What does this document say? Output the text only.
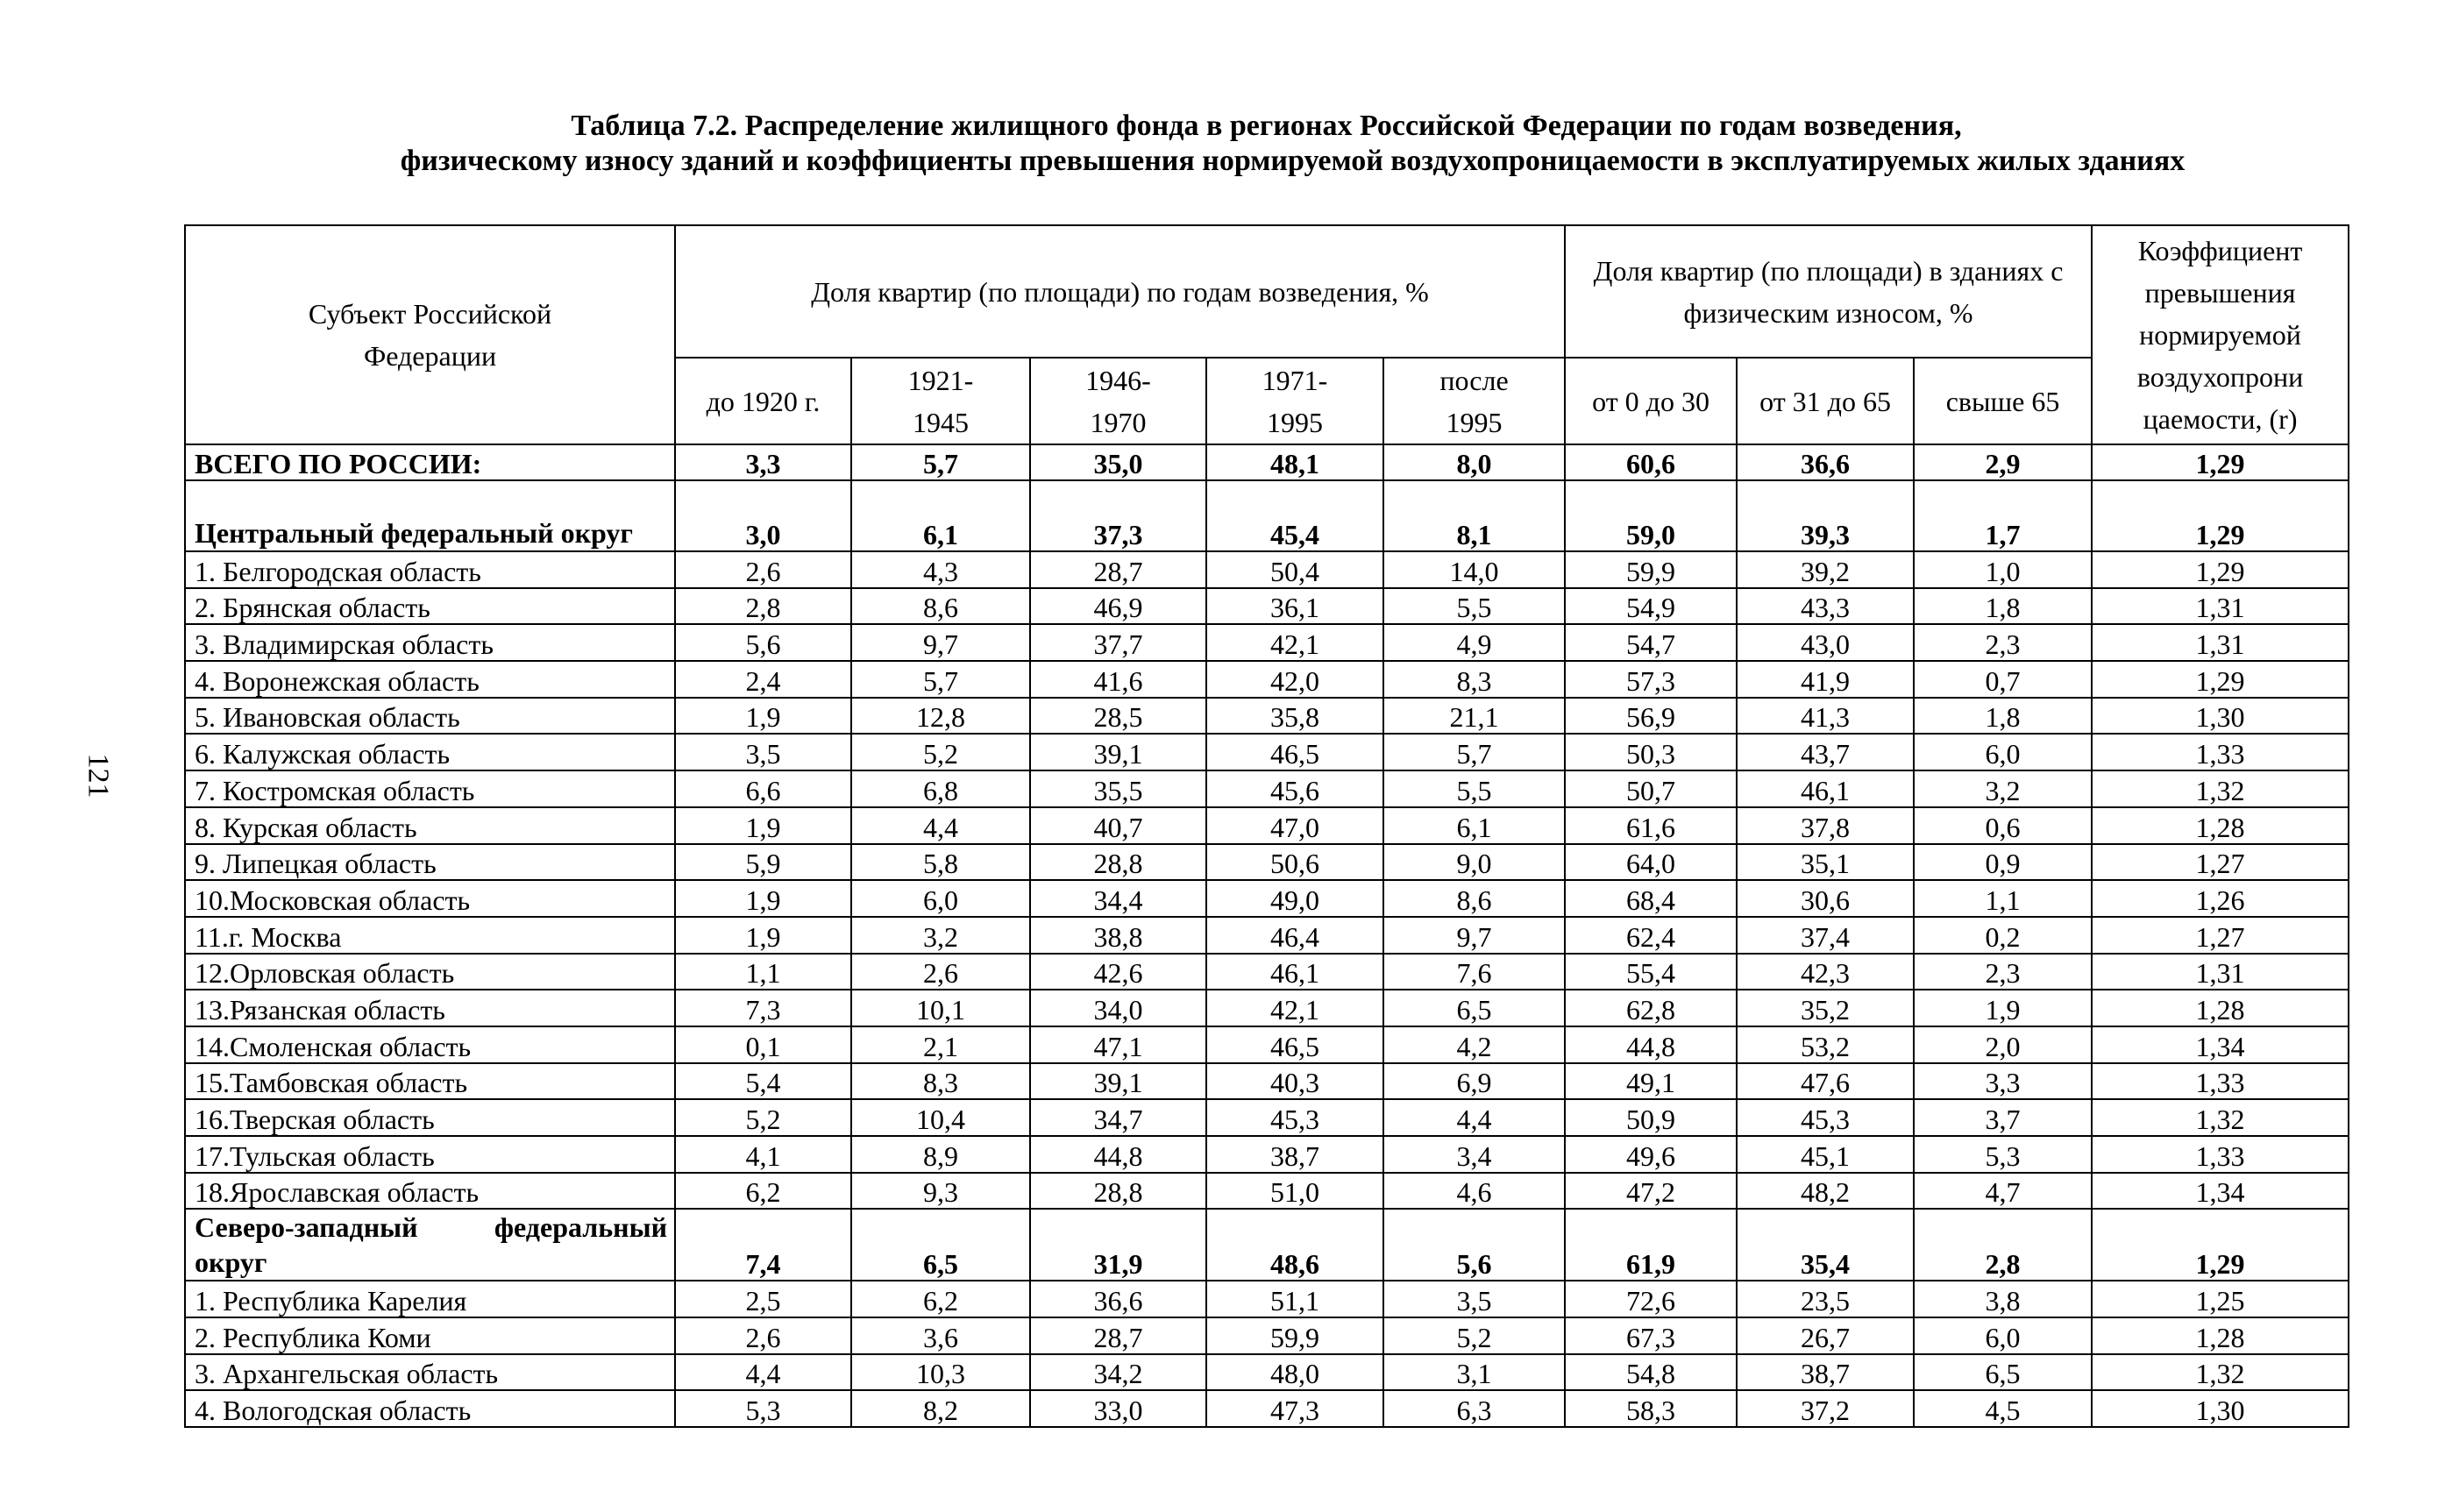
121
Таблица 7.2. Распределение жилищного фонда в регионах Российской Федерации по годам возведения,
физическому износу зданий и коэффициенты превышения нормируемой воздухопроницаемости в эксплуатируемых жилых зданиях
Субъект Российской Федерации	Доля квартир (по площади) по годам возведения, %					Доля квартир (по площади) в зданиях с физическим износом, %			Коэффициент превышения нормируемой воздухопрони цаемости, (r)
	до 1920 г.	1921-1945	1946-1970	1971-1995	после 1995	от 0 до 30	от 31 до 65	свыше 65	
ВСЕГО ПО РОССИИ:	3,3	5,7	35,0	48,1	8,0	60,6	36,6	2,9	1,29
Центральный федеральный округ	3,0	6,1	37,3	45,4	8,1	59,0	39,3	1,7	1,29
1. Белгородская область	2,6	4,3	28,7	50,4	14,0	59,9	39,2	1,0	1,29
2. Брянская область	2,8	8,6	46,9	36,1	5,5	54,9	43,3	1,8	1,31
3. Владимирская область	5,6	9,7	37,7	42,1	4,9	54,7	43,0	2,3	1,31
4. Воронежская область	2,4	5,7	41,6	42,0	8,3	57,3	41,9	0,7	1,29
5. Ивановская область	1,9	12,8	28,5	35,8	21,1	56,9	41,3	1,8	1,30
6. Калужская область	3,5	5,2	39,1	46,5	5,7	50,3	43,7	6,0	1,33
7. Костромская область	6,6	6,8	35,5	45,6	5,5	50,7	46,1	3,2	1,32
8. Курская область	1,9	4,4	40,7	47,0	6,1	61,6	37,8	0,6	1,28
9. Липецкая область	5,9	5,8	28,8	50,6	9,0	64,0	35,1	0,9	1,27
10.Московская область	1,9	6,0	34,4	49,0	8,6	68,4	30,6	1,1	1,26
11.г. Москва	1,9	3,2	38,8	46,4	9,7	62,4	37,4	0,2	1,27
12.Орловская область	1,1	2,6	42,6	46,1	7,6	55,4	42,3	2,3	1,31
13.Рязанская область	7,3	10,1	34,0	42,1	6,5	62,8	35,2	1,9	1,28
14.Смоленская область	0,1	2,1	47,1	46,5	4,2	44,8	53,2	2,0	1,34
15.Тамбовская область	5,4	8,3	39,1	40,3	6,9	49,1	47,6	3,3	1,33
16.Тверская область	5,2	10,4	34,7	45,3	4,4	50,9	45,3	3,7	1,32
17.Тульская область	4,1	8,9	44,8	38,7	3,4	49,6	45,1	5,3	1,33
18.Ярославская область	6,2	9,3	28,8	51,0	4,6	47,2	48,2	4,7	1,34
Северо-западный федеральный округ	7,4	6,5	31,9	48,6	5,6	61,9	35,4	2,8	1,29
1. Республика Карелия	2,5	6,2	36,6	51,1	3,5	72,6	23,5	3,8	1,25
2. Республика Коми	2,6	3,6	28,7	59,9	5,2	67,3	26,7	6,0	1,28
3. Архангельская область	4,4	10,3	34,2	48,0	3,1	54,8	38,7	6,5	1,32
4. Вологодская область	5,3	8,2	33,0	47,3	6,3	58,3	37,2	4,5	1,30
